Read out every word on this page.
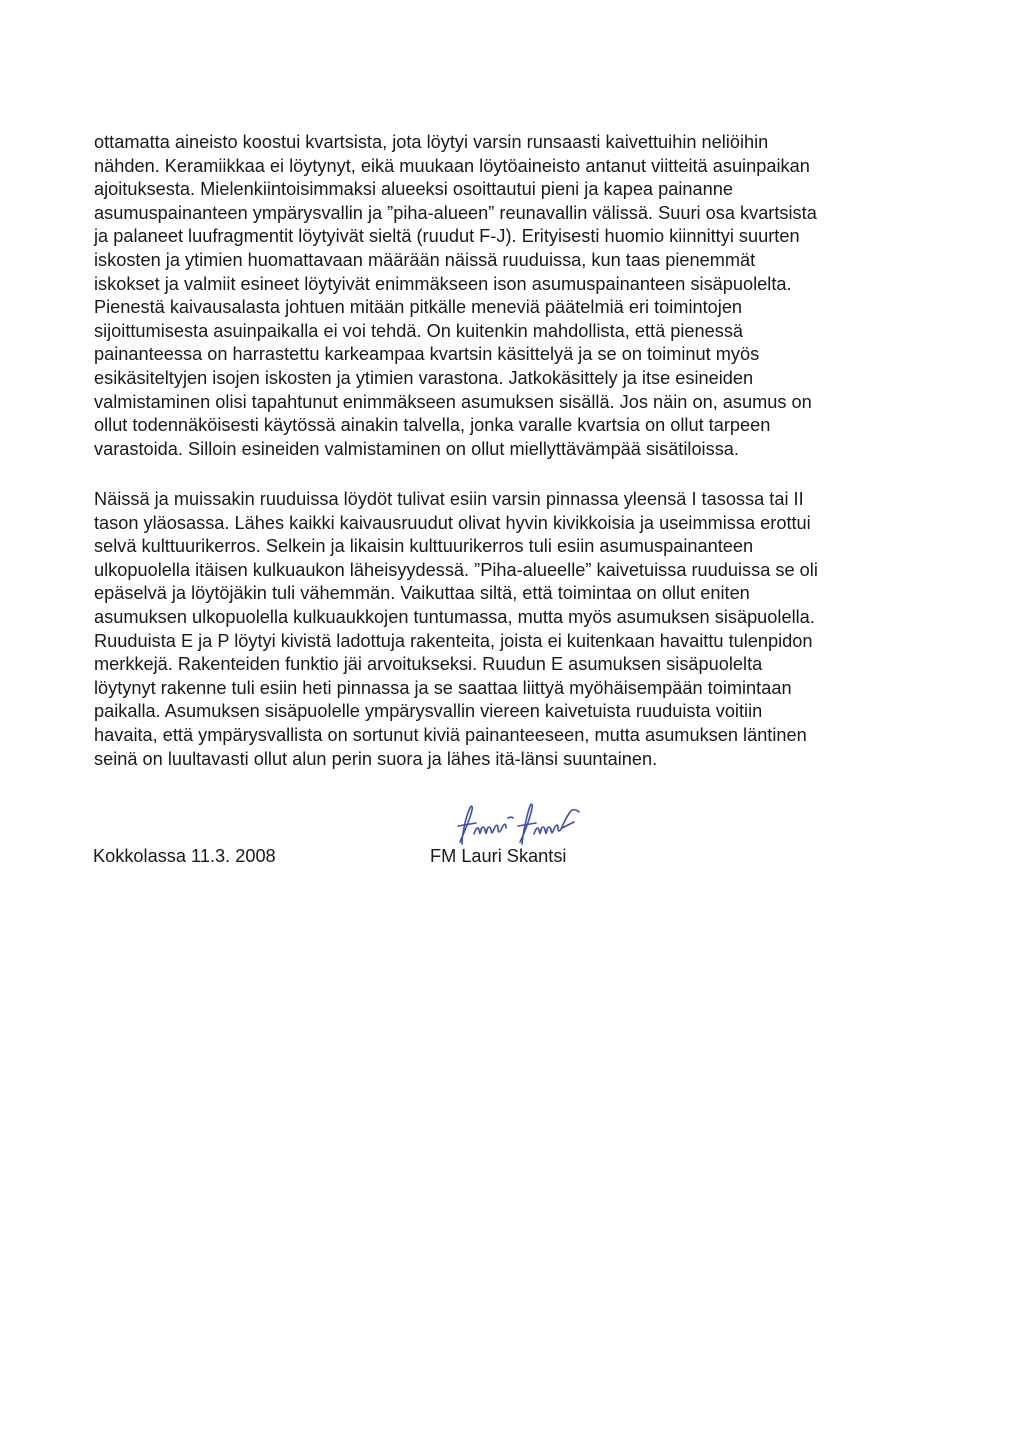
ottamatta aineisto koostui kvartsista, jota löytyi varsin runsaasti kaivettuihin neliöihin
nähden. Keramiikkaa ei löytynyt, eikä muukaan löytöaineisto antanut viitteitä asuinpaikan
ajoituksesta. Mielenkiintoisimmaksi alueeksi osoittautui pieni ja kapea painanne
asumuspainanteen ympärysvallin ja ”piha-alueen” reunavallin välissä. Suuri osa kvartsista
ja palaneet luufragmentit löytyivät sieltä (ruudut F-J). Erityisesti huomio kiinnittyi suurten
iskosten ja ytimien huomattavaan määrään näissä ruuduissa, kun taas pienemmät
iskokset ja valmiit esineet löytyivät enimmäkseen ison asumuspainanteen sisäpuolelta.
Pienestä kaivausalasta johtuen mitään pitkälle meneviä päätelmiä eri toimintojen
sijoittumisesta asuinpaikalla ei voi tehdä. On kuitenkin mahdollista, että pienessä
painanteessa on harrastettu karkeampaa kvartsin käsittelyä ja se on toiminut myös
esikäsiteltyjen isojen iskosten ja ytimien varastona. Jatkokäsittely ja itse esineiden
valmistaminen olisi tapahtunut enimmäkseen asumuksen sisällä. Jos näin on, asumus on
ollut todennäköisesti käytössä ainakin talvella, jonka varalle kvartsia on ollut tarpeen
varastoida. Silloin esineiden valmistaminen on ollut miellyttävämpää sisätiloissa.

Näissä ja muissakin ruuduissa löydöt tulivat esiin varsin pinnassa yleensä I tasossa tai II
tason yläosassa. Lähes kaikki kaivausruudut olivat hyvin kivikkoisia ja useimmissa erottui
selvä kulttuurikerros. Selkein ja likaisin kulttuurikerros tuli esiin asumuspainanteen
ulkopuolella itäisen kulkuaukon läheisyydessä. ”Piha-alueelle” kaivetuissa ruuduissa se oli
epäselvä ja löytöjäkin tuli vähemmän. Vaikuttaa siltä, että toimintaa on ollut eniten
asumuksen ulkopuolella kulkuaukkojen tuntumassa, mutta myös asumuksen sisäpuolella.
Ruuduista E ja P löytyi kivistä ladottuja rakenteita, joista ei kuitenkaan havaittu tulenpidon
merkkejä. Rakenteiden funktio jäi arvoitukseksi. Ruudun E asumuksen sisäpuolelta
löytynyt rakenne tuli esiin heti pinnassa ja se saattaa liittyä myöhäisempään toimintaan
paikalla. Asumuksen sisäpuolelle ympärysvallin viereen kaivetuista ruuduista voitiin
havaita, että ympärysvallista on sortunut kiviä painanteeseen, mutta asumuksen läntinen
seinä on luultavasti ollut alun perin suora ja lähes itä-länsi suuntainen.

Kokkolassa 11.3. 2008	FM Lauri Skantsi
